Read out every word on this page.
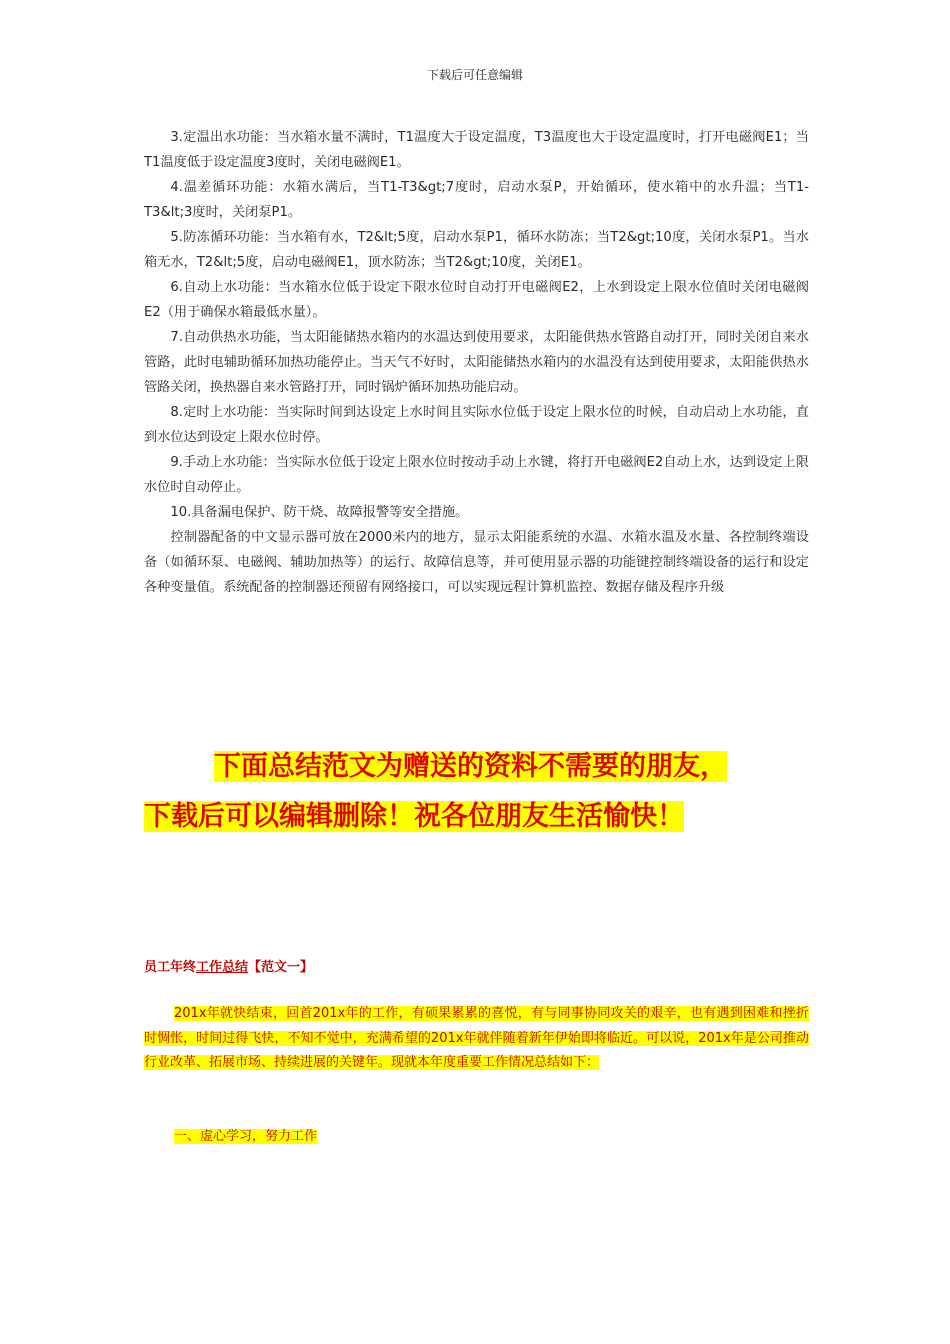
下载后可任意编辑

3.定温出水功能：当水箱水量不满时，T1温度大于设定温度，T3温度也大于设定温度时，打开电磁阀E1；当T1温度低于设定温度3度时，关闭电磁阀E1。

4.温差循环功能：水箱水满后，当T1-T3&gt;7度时，启动水泵P，开始循环，使水箱中的水升温；当T1-T3&lt;3度时，关闭泵P1。

5.防冻循环功能：当水箱有水，T2&lt;5度，启动水泵P1，循环水防冻；当T2&gt;10度，关闭水泵P1。当水箱无水，T2&lt;5度，启动电磁阀E1，顶水防冻；当T2&gt;10度，关闭E1。

6.自动上水功能：当水箱水位低于设定下限水位时自动打开电磁阀E2，上水到设定上限水位值时关闭电磁阀E2（用于确保水箱最低水量）。

7.自动供热水功能，当太阳能储热水箱内的水温达到使用要求，太阳能供热水管路自动打开，同时关闭自来水管路，此时电辅助循环加热功能停止。当天气不好时，太阳能储热水箱内的水温没有达到使用要求，太阳能供热水管路关闭，换热器自来水管路打开，同时锅炉循环加热功能启动。

8.定时上水功能：当实际时间到达设定上水时间且实际水位低于设定上限水位的时候，自动启动上水功能，直到水位达到设定上限水位时停。

9.手动上水功能：当实际水位低于设定上限水位时按动手动上水键，将打开电磁阀E2自动上水，达到设定上限水位时自动停止。

10.具备漏电保护、防干烧、故障报警等安全措施。

控制器配备的中文显示器可放在2000米内的地方，显示太阳能系统的水温、水箱水温及水量、各控制终端设备（如循环泵、电磁阀、辅助加热等）的运行、故障信息等，并可使用显示器的功能键控制终端设备的运行和设定各种变量值。系统配备的控制器还预留有网络接口，可以实现远程计算机监控、数据存储及程序升级

下面总结范文为赠送的资料不需要的朋友，
下载后可以编辑删除！祝各位朋友生活愉快！
员工年终工作总结【范文一】
201x年就快结束，回首201x年的工作，有硕果累累的喜悦，有与同事协同攻关的艰辛，也有遇到困难和挫折时惆怅，时间过得飞快，不知不觉中，充满希望的201x年就伴随着新年伊始即将临近。可以说，201x年是公司推动行业改革、拓展市场、持续进展的关键年。现就本年度重要工作情况总结如下：
一、虚心学习，努力工作
